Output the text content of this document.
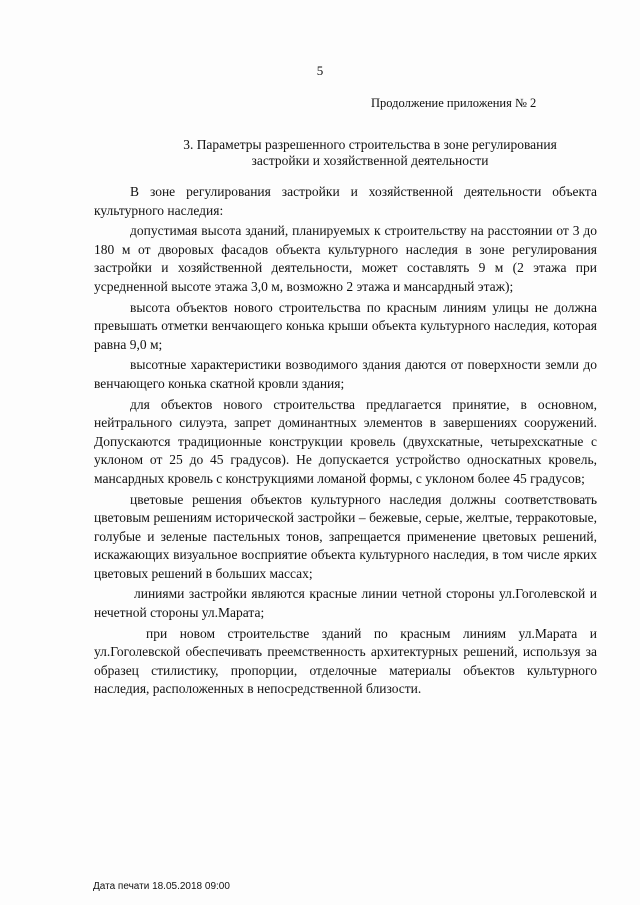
5
Продолжение приложения № 2
3. Параметры разрешенного строительства в зоне регулирования
застройки и хозяйственной деятельности

В зоне регулирования застройки и хозяйственной деятельности объекта культурного наследия:

допустимая высота зданий, планируемых к строительству на расстоянии от 3 до 180 м от дворовых фасадов объекта культурного наследия в зоне регулирования застройки и хозяйственной деятельности, может составлять 9 м (2 этажа при усредненной высоте этажа 3,0 м, возможно 2 этажа и мансардный этаж);

высота объектов нового строительства по красным линиям улицы не должна превышать отметки венчающего конька крыши объекта культурного наследия, которая равна 9,0 м;

высотные характеристики возводимого здания даются от поверхности земли до венчающего конька скатной кровли здания;

для объектов нового строительства предлагается принятие, в основном, нейтрального силуэта, запрет доминантных элементов в завершениях сооружений. Допускаются традиционные конструкции кровель (двухскатные, четырехскатные с уклоном от 25 до 45 градусов). Не допускается устройство односкатных кровель, мансардных кровель с конструкциями ломаной формы, с уклоном более 45 градусов;

цветовые решения объектов культурного наследия должны соответствовать цветовым решениям исторической застройки – бежевые, серые, желтые, терракотовые, голубые и зеленые пастельных тонов, запрещается применение цветовых решений, искажающих визуальное восприятие объекта культурного наследия, в том числе ярких цветовых решений в больших массах;

линиями застройки являются красные линии четной стороны ул.Гоголевской и нечетной стороны ул.Марата;

при новом строительстве зданий по красным линиям ул.Марата и ул.Гоголевской обеспечивать преемственность архитектурных решений, используя за образец стилистику, пропорции, отделочные материалы объектов культурного наследия, расположенных в непосредственной близости.

Дата печати 18.05.2018 09:00
